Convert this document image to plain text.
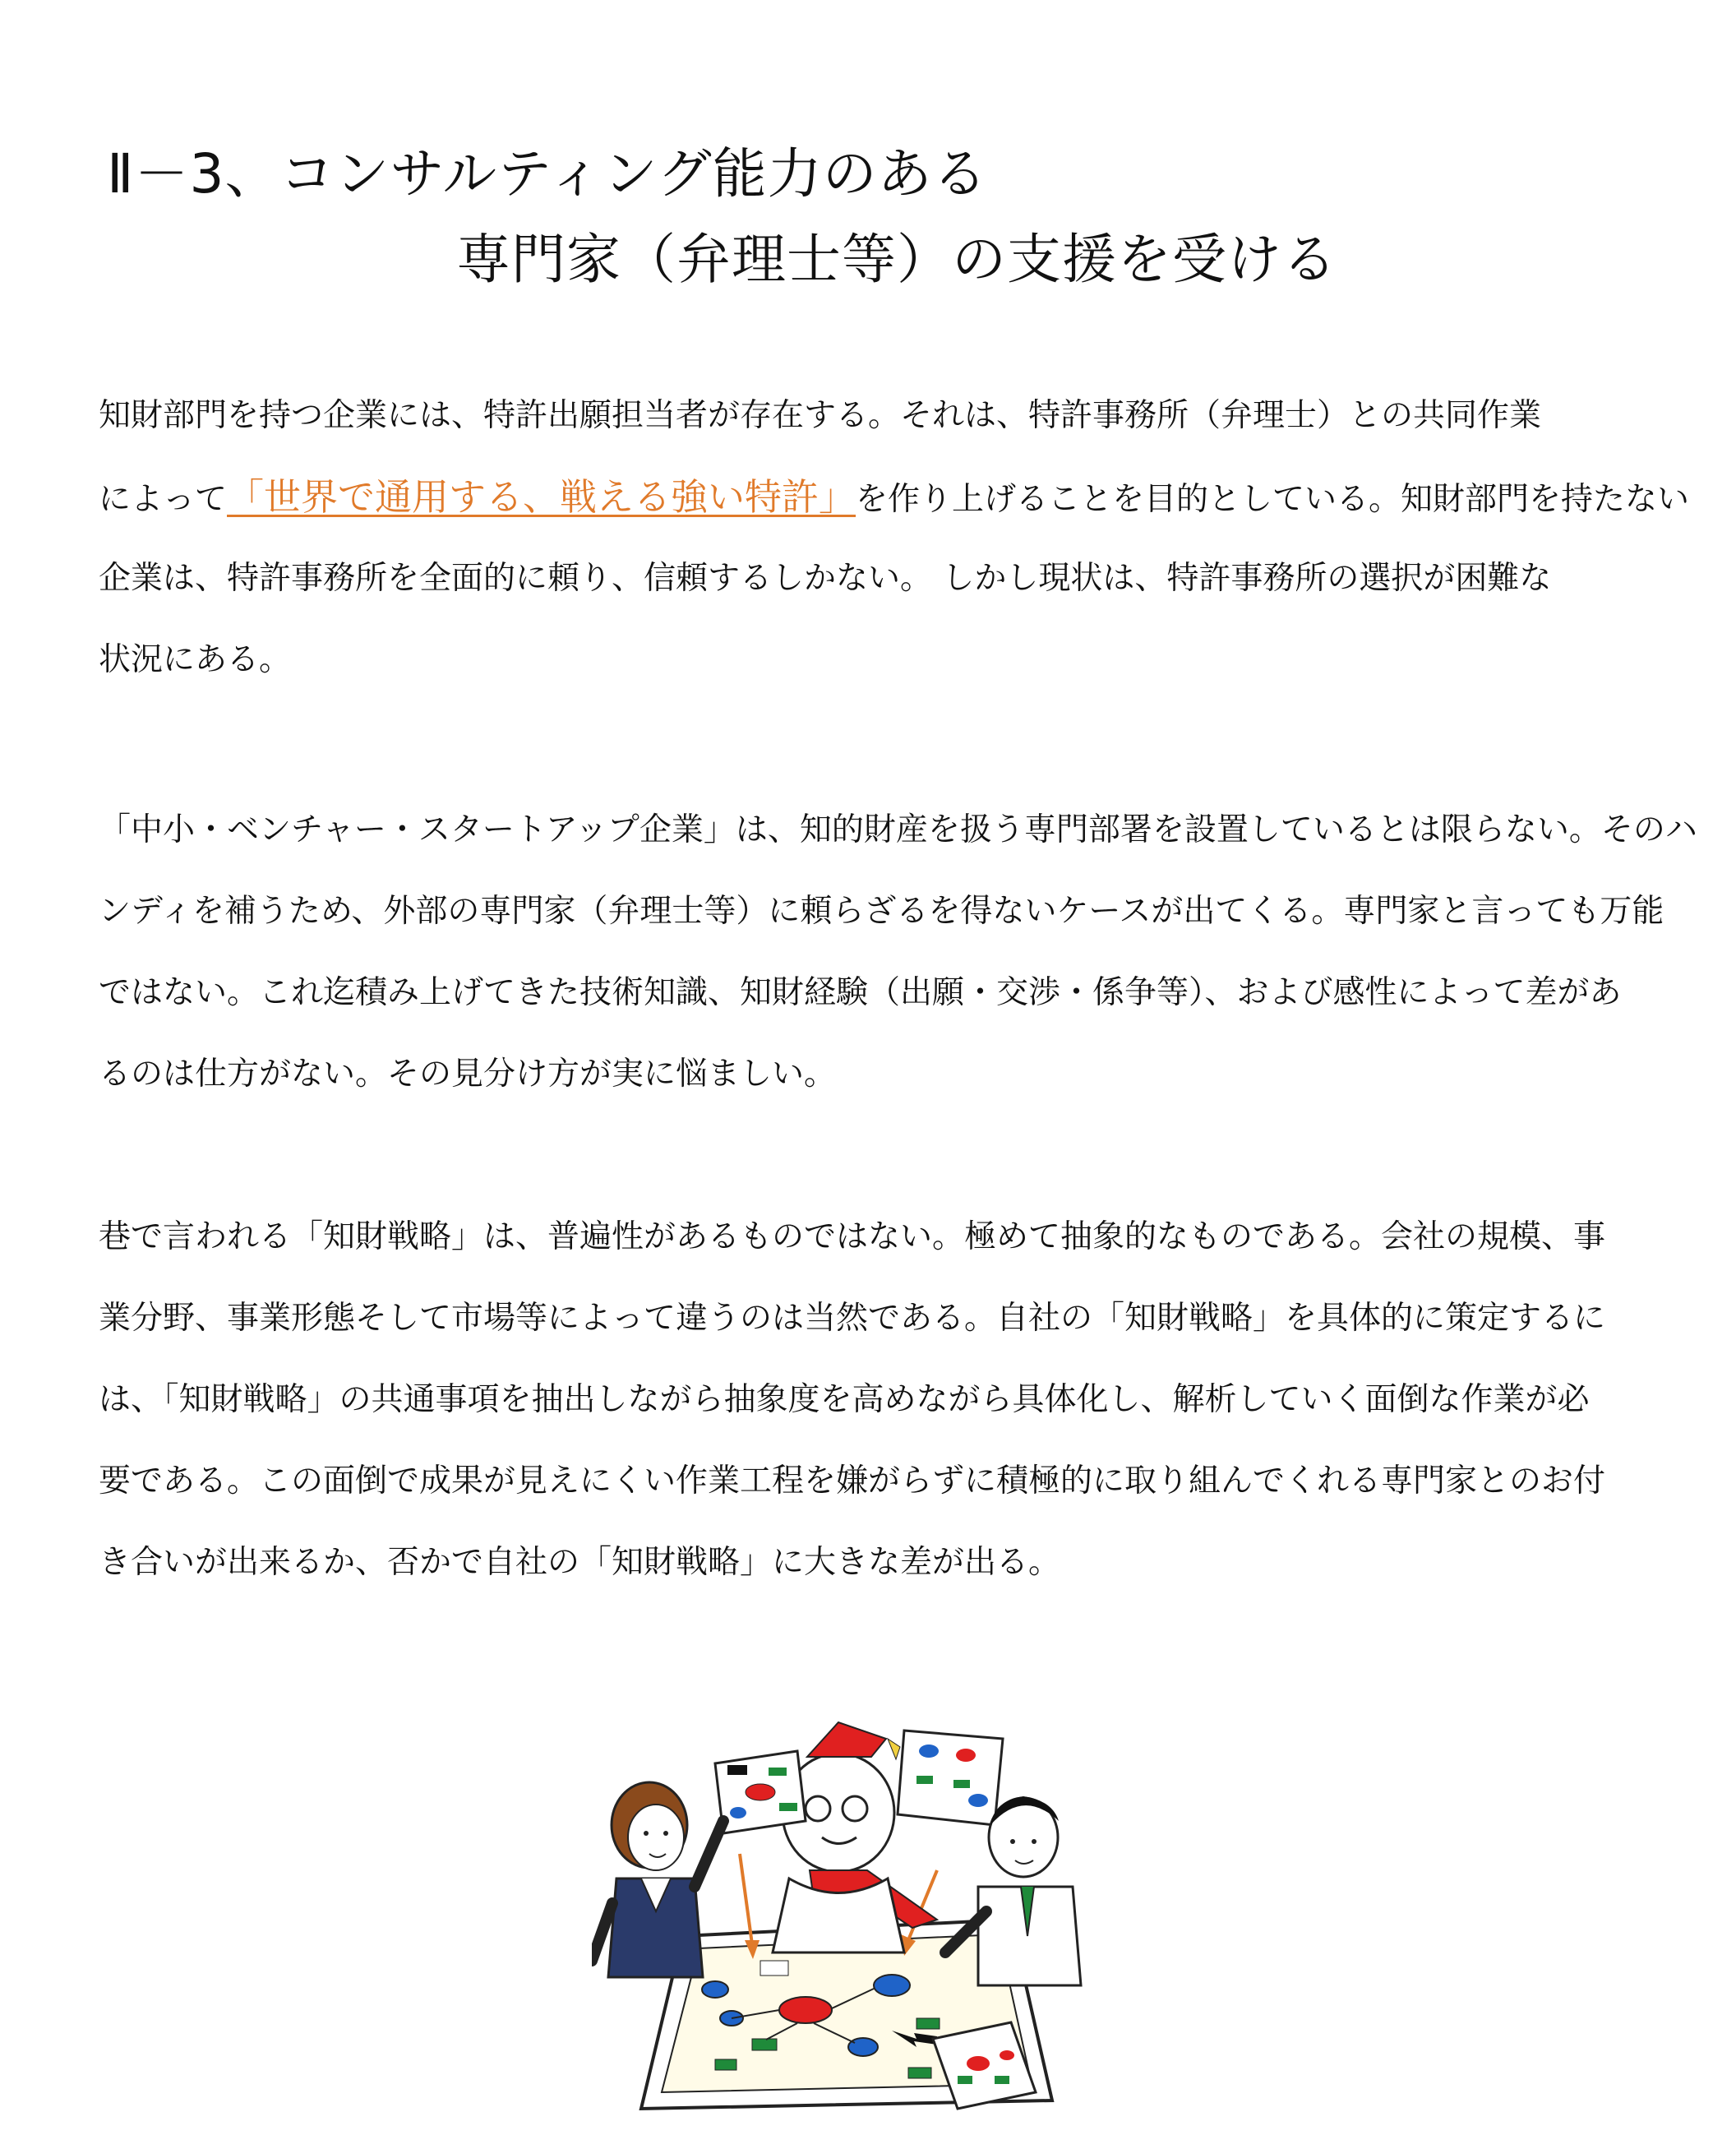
Ⅱ－3、コンサルティング能力のある
専門家（弁理士等）の支援を受ける
知財部門を持つ企業には、特許出願担当者が存在する。それは、特許事務所（弁理士）との共同作業
によって「世界で通用する、戦える強い特許」を作り上げることを目的としている。知財部門を持たない
企業は、特許事務所を全面的に頼り、信頼するしかない。 しかし現状は、特許事務所の選択が困難な
状況にある。
「中小・ベンチャー・スタートアップ企業」は、知的財産を扱う専門部署を設置しているとは限らない。そのハ
ンディを補うため、外部の専門家（弁理士等）に頼らざるを得ないケースが出てくる。専門家と言っても万能
ではない。これ迄積み上げてきた技術知識、知財経験（出願・交渉・係争等）、および感性によって差があ
るのは仕方がない。その見分け方が実に悩ましい。
巷で言われる「知財戦略」は、普遍性があるものではない。極めて抽象的なものである。会社の規模、事
業分野、事業形態そして市場等によって違うのは当然である。自社の「知財戦略」を具体的に策定するに
は、「知財戦略」の共通事項を抽出しながら抽象度を高めながら具体化し、解析していく面倒な作業が必
要である。この面倒で成果が見えにくい作業工程を嫌がらずに積極的に取り組んでくれる専門家とのお付
き合いが出来るか、否かで自社の「知財戦略」に大きな差が出る。
